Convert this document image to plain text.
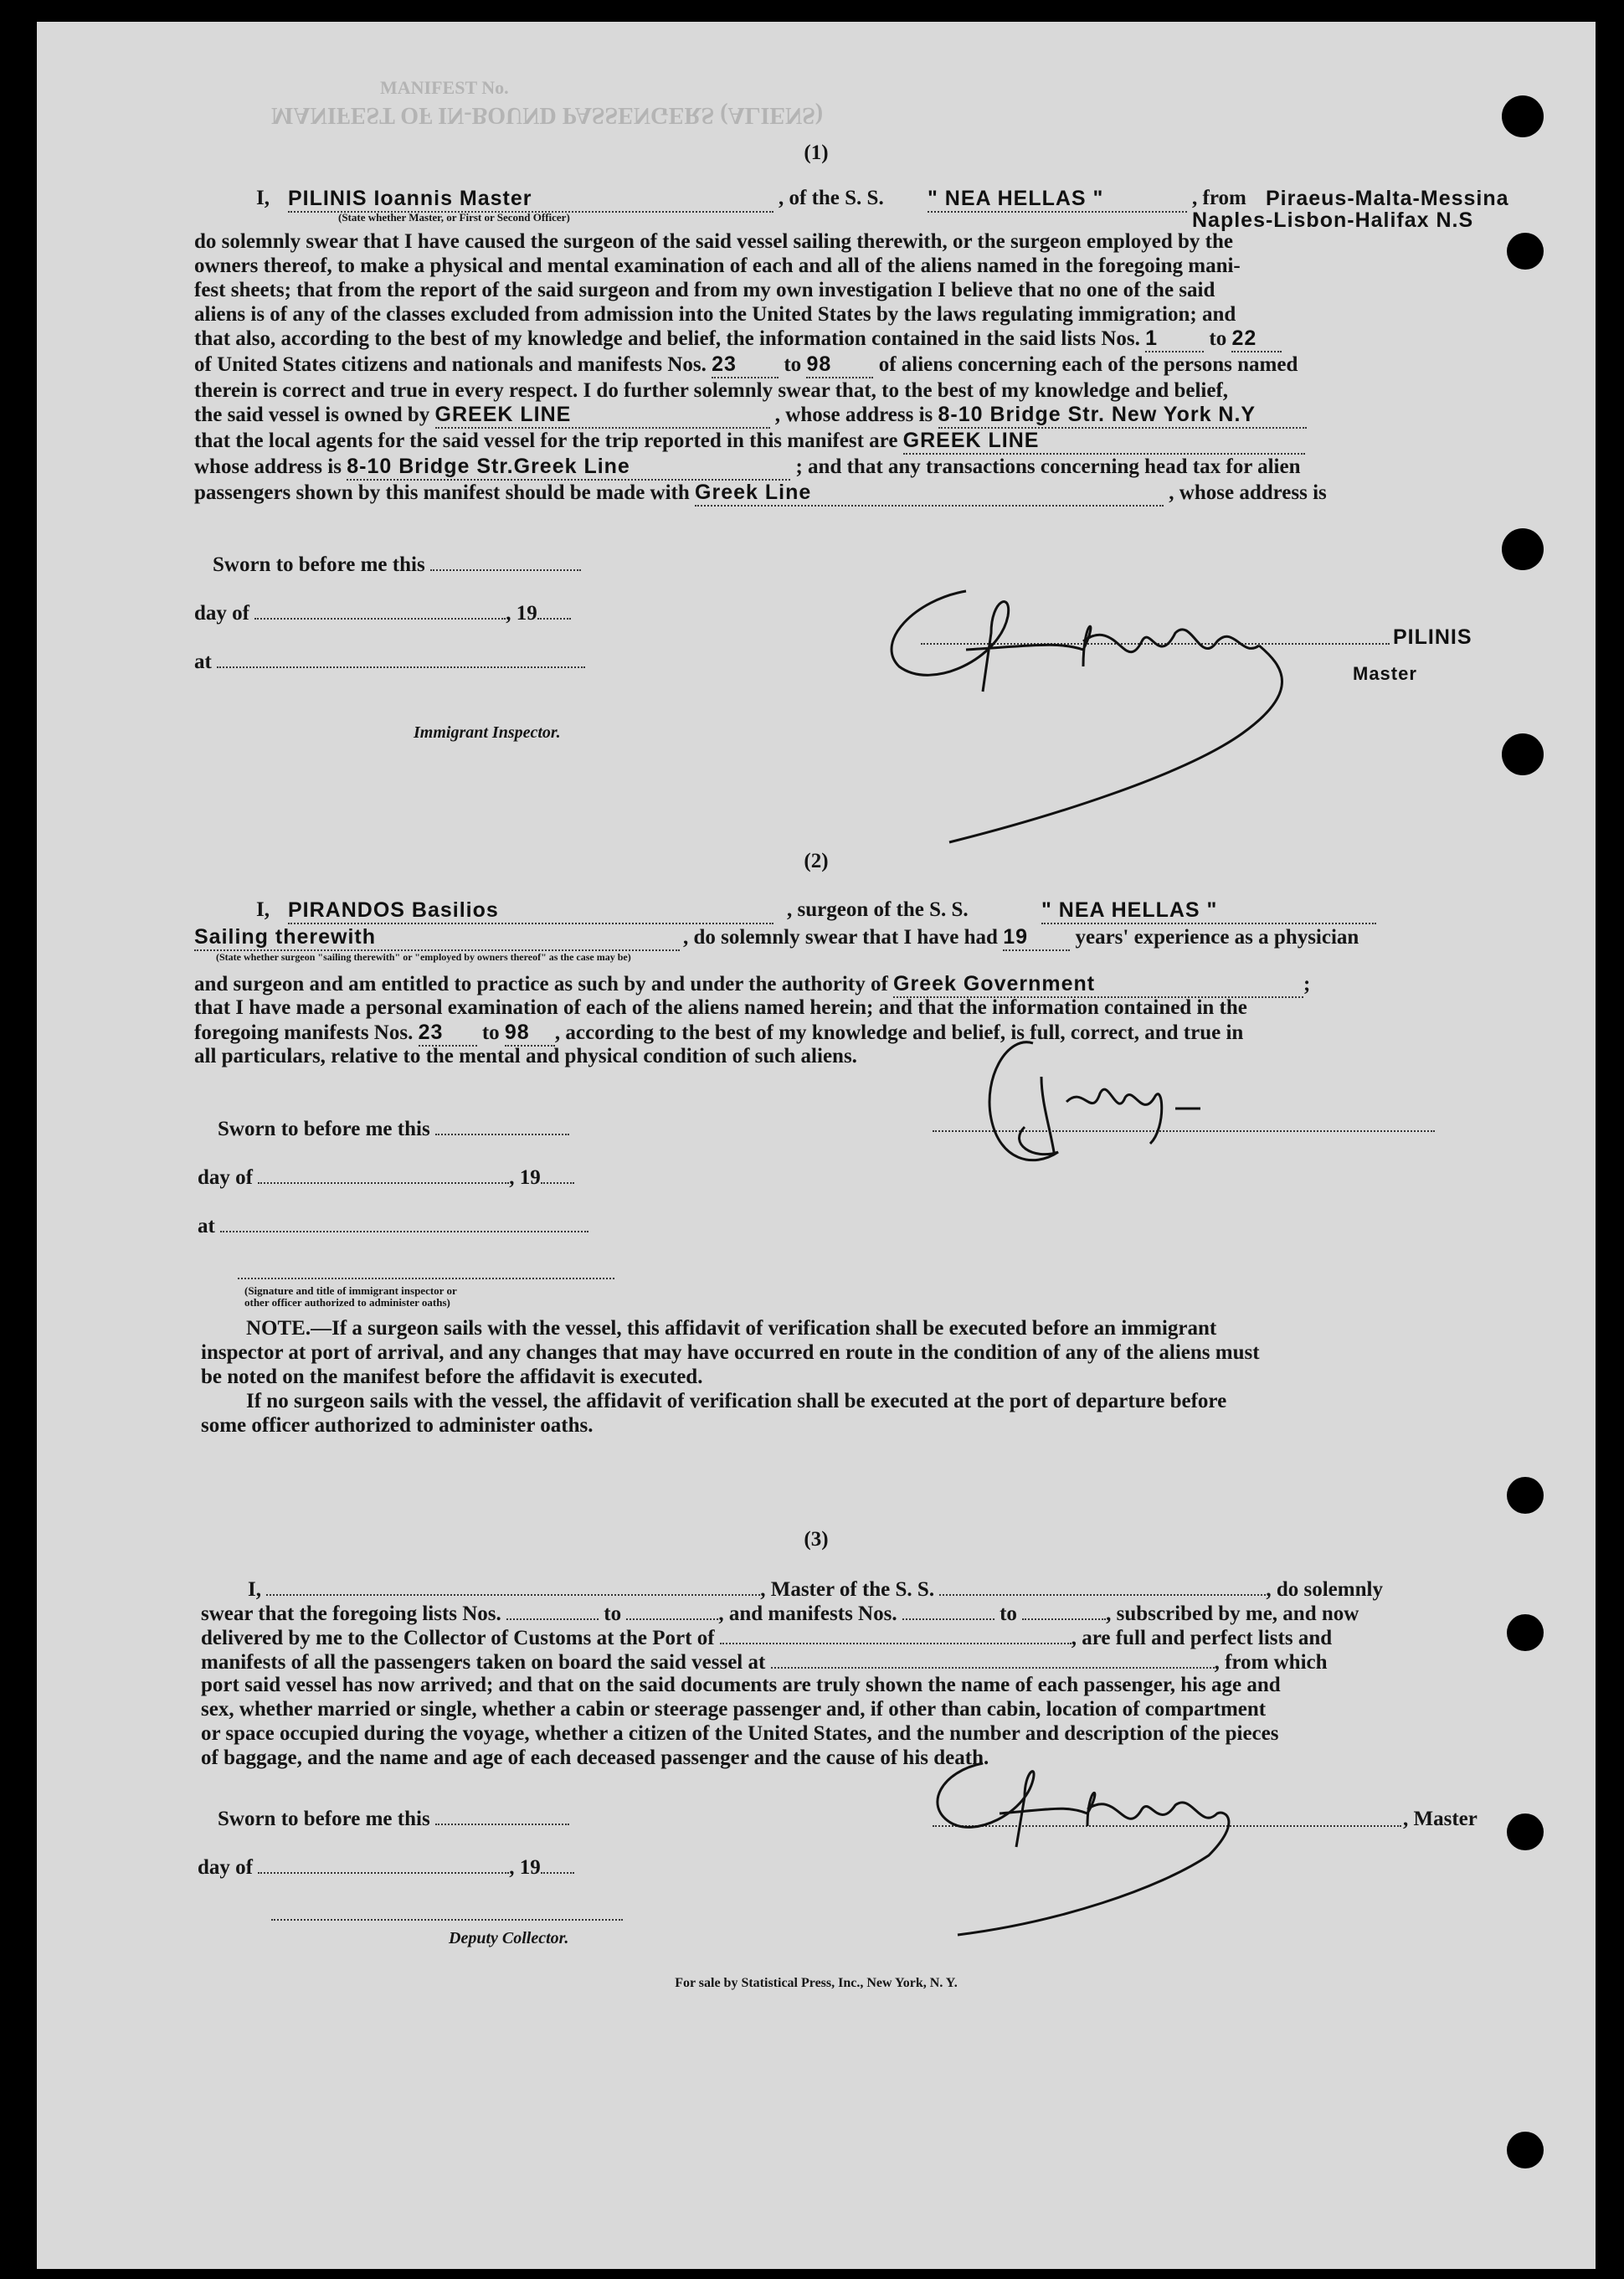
MANIFEST No.
MANIFEST OF IN-BOUND PASSENGERS (ALIENS)
(1)
I, PILINIS Ioannis Master	, of the S. S. " NEA HELLAS "	, from Piraeus-Malta-Messina
(State whether Master, or First or Second Officer)	Naples-Lisbon-Halifax N.S
do solemnly swear that I have caused the surgeon of the said vessel sailing therewith, or the surgeon employed by the
owners thereof, to make a physical and mental examination of each and all of the aliens named in the foregoing mani-
fest sheets; that from the report of the said surgeon and from my own investigation I believe that no one of the said
aliens is of any of the classes excluded from admission into the United States by the laws regulating immigration; and
that also, according to the best of my knowledge and belief, the information contained in the said lists Nos. 1 to 22
of United States citizens and nationals and manifests Nos. 23 to 98 of aliens concerning each of the persons named
therein is correct and true in every respect. I do further solemnly swear that, to the best of my knowledge and belief,
the said vessel is owned by GREEK LINE	, whose address is 8-10 Bridge Str. New York N.Y
that the local agents for the said vessel for the trip reported in this manifest are GREEK LINE
whose address is 8-10 Bridge Str.Greek Line	; and that any transactions concerning head tax for alien
passengers shown by this manifest should be made with Greek Line	, whose address is
Sworn to before me this
day of	, 19
at
Immigrant Inspector.
PILINIS
Master
(2)
I, PIRANDOS Basilios	, surgeon of the S. S.	" NEA HELLAS "
Sailing therewith	, do solemnly swear that I have had 19 years' experience as a physician
(State whether surgeon "sailing therewith" or "employed by owners thereof" as the case may be)
and surgeon and am entitled to practice as such by and under the authority of Greek Government	;
that I have made a personal examination of each of the aliens named herein; and that the information contained in the
foregoing manifests Nos. 23 to 98 , according to the best of my knowledge and belief, is full, correct, and true in
all particulars, relative to the mental and physical condition of such aliens.
Sworn to before me this
day of	, 19
at
(Signature and title of immigrant inspector or
other officer authorized to administer oaths)
NOTE.—If a surgeon sails with the vessel, this affidavit of verification shall be executed before an immigrant
inspector at port of arrival, and any changes that may have occurred en route in the condition of any of the aliens must
be noted on the manifest before the affidavit is executed.
If no surgeon sails with the vessel, the affidavit of verification shall be executed at the port of departure before
some officer authorized to administer oaths.
(3)
I,	, Master of the S. S.	, do solemnly
swear that the foregoing lists Nos.	to	, and manifests Nos.	to	, subscribed by me, and now
delivered by me to the Collector of Customs at the Port of	, are full and perfect lists and
manifests of all the passengers taken on board the said vessel at	, from which
port said vessel has now arrived; and that on the said documents are truly shown the name of each passenger, his age and
sex, whether married or single, whether a cabin or steerage passenger and, if other than cabin, location of compartment
or space occupied during the voyage, whether a citizen of the United States, and the number and description of the pieces
of baggage, and the name and age of each deceased passenger and the cause of his death.
Sworn to before me this
day of	, 19
Deputy Collector.
, Master
For sale by Statistical Press, Inc., New York, N. Y.
